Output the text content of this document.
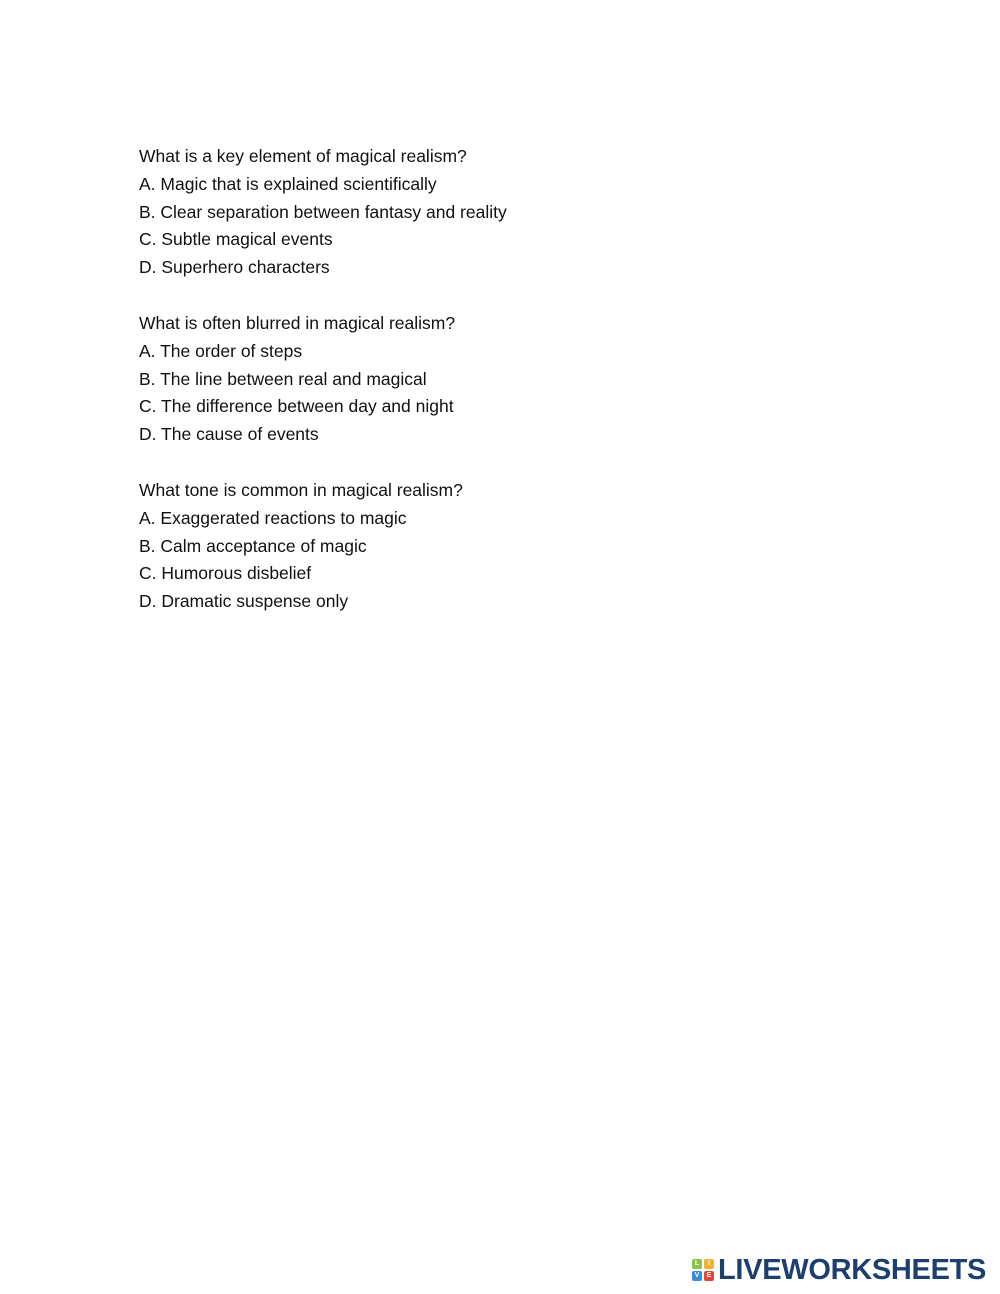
What is a key element of magical realism?
A. Magic that is explained scientifically
B. Clear separation between fantasy and reality
C. Subtle magical events
D. Superhero characters
What is often blurred in magical realism?
A. The order of steps
B. The line between real and magical
C. The difference between day and night
D. The cause of events
What tone is common in magical realism?
A. Exaggerated reactions to magic
B. Calm acceptance of magic
C. Humorous disbelief
D. Dramatic suspense only
L	I
V	E LIVEWORKSHEETS
